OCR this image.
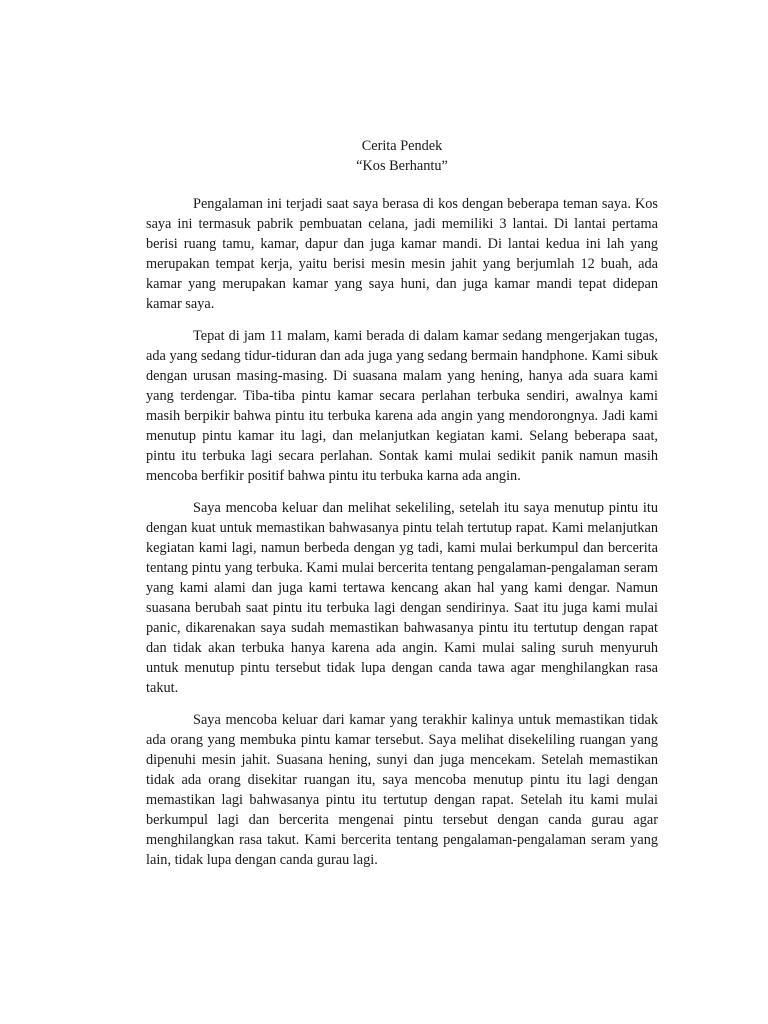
Cerita Pendek
“Kos Berhantu”

Pengalaman ini terjadi saat saya berasa di kos dengan beberapa teman saya. Kos saya ini termasuk pabrik pembuatan celana, jadi memiliki 3 lantai. Di lantai pertama berisi ruang tamu, kamar, dapur dan juga kamar mandi. Di lantai kedua ini lah yang merupakan tempat kerja, yaitu berisi mesin mesin jahit yang berjumlah 12 buah, ada kamar yang merupakan kamar yang saya huni, dan juga kamar mandi tepat didepan kamar saya.

Tepat di jam 11 malam, kami berada di dalam kamar sedang mengerjakan tugas, ada yang sedang tidur-tiduran dan ada juga yang sedang bermain handphone. Kami sibuk dengan urusan masing-masing. Di suasana malam yang hening, hanya ada suara kami yang terdengar. Tiba-tiba pintu kamar secara perlahan terbuka sendiri, awalnya kami masih berpikir bahwa pintu itu terbuka karena ada angin yang mendorongnya. Jadi kami menutup pintu kamar itu lagi, dan melanjutkan kegiatan kami. Selang beberapa saat, pintu itu terbuka lagi secara perlahan. Sontak kami mulai sedikit panik namun masih mencoba berfikir positif bahwa pintu itu terbuka karna ada angin.

Saya mencoba keluar dan melihat sekeliling, setelah itu saya menutup pintu itu dengan kuat untuk memastikan bahwasanya pintu telah tertutup rapat. Kami melanjutkan kegiatan kami lagi, namun berbeda dengan yg tadi, kami mulai berkumpul dan bercerita tentang pintu yang terbuka. Kami mulai bercerita tentang pengalaman-pengalaman seram yang kami alami dan juga kami tertawa kencang akan hal yang kami dengar. Namun suasana berubah saat pintu itu terbuka lagi dengan sendirinya. Saat itu juga kami mulai panic, dikarenakan saya sudah memastikan bahwasanya pintu itu tertutup dengan rapat dan tidak akan terbuka hanya karena ada angin. Kami mulai saling suruh menyuruh untuk menutup pintu tersebut tidak lupa dengan canda tawa agar menghilangkan rasa takut.

Saya mencoba keluar dari kamar yang terakhir kalinya untuk memastikan tidak ada orang yang membuka pintu kamar tersebut. Saya melihat disekeliling ruangan yang dipenuhi mesin jahit. Suasana hening, sunyi dan juga mencekam. Setelah memastikan tidak ada orang disekitar ruangan itu, saya mencoba menutup pintu itu lagi dengan memastikan lagi bahwasanya pintu itu tertutup dengan rapat. Setelah itu kami mulai berkumpul lagi dan bercerita mengenai pintu tersebut dengan canda gurau agar menghilangkan rasa takut. Kami bercerita tentang pengalaman-pengalaman seram yang lain, tidak lupa dengan canda gurau lagi.
